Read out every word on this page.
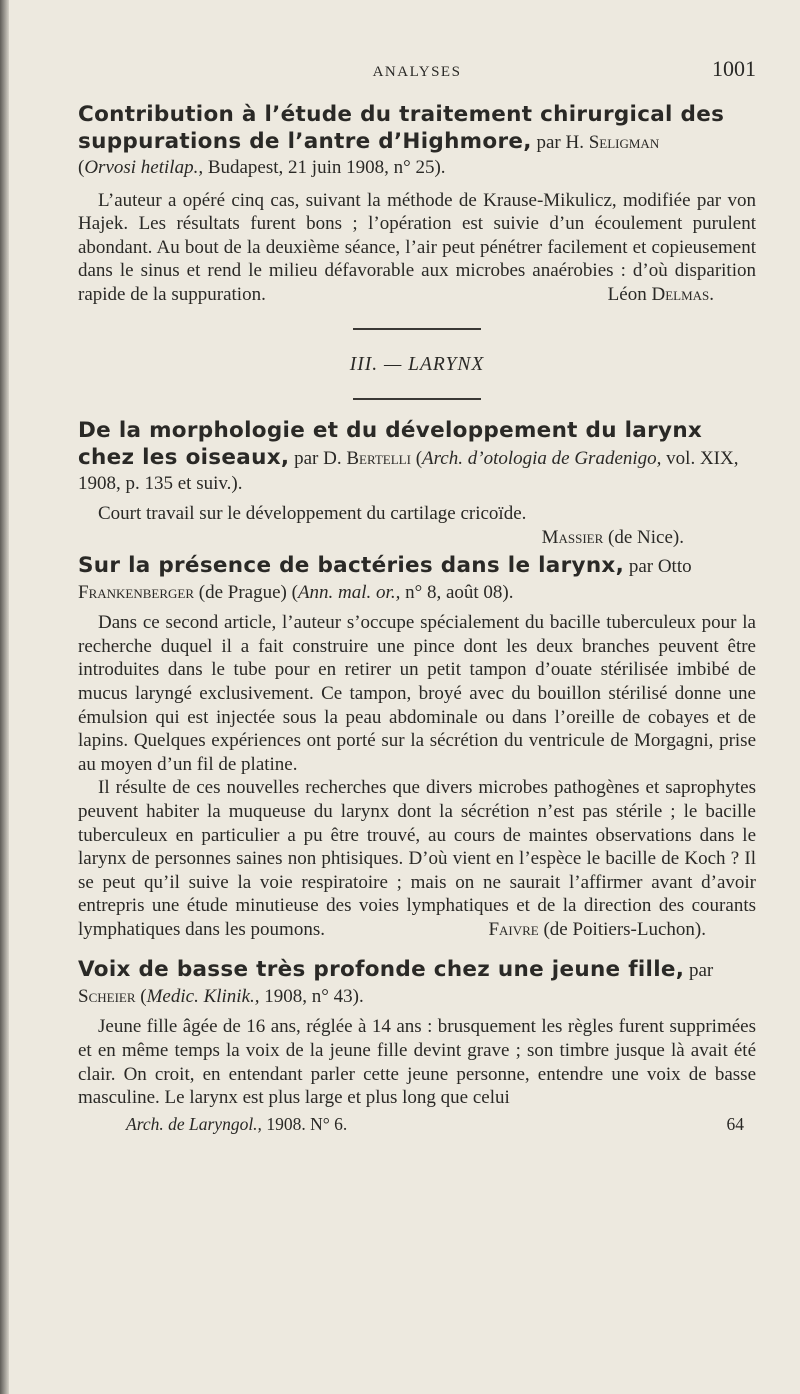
ANALYSES	1001
Contribution à l’étude du traitement chirurgical des suppurations de l’antre d’Highmore, par H. Seligman
(Orvosi hetilap., Budapest, 21 juin 1908, n° 25).

L’auteur a opéré cinq cas, suivant la méthode de Krause-Mikulicz, modifiée par von Hajek. Les résultats furent bons ; l’opération est suivie d’un écoulement purulent abondant. Au bout de la deuxième séance, l’air peut pénétrer facilement et copieusement dans le sinus et rend le milieu défavorable aux microbes anaérobies : d’où disparition rapide de la suppuration.	Léon Delmas.

III. — LARYNX
De la morphologie et du développement du larynx chez les oiseaux, par D. Bertelli (Arch. d’otologia de Gradenigo, vol. XIX, 1908, p. 135 et suiv.).

Court travail sur le développement du cartilage cricoïde.

Massier (de Nice).

Sur la présence de bactéries dans le larynx, par Otto Frankenberger (de Prague) (Ann. mal. or., n° 8, août 08).

Dans ce second article, l’auteur s’occupe spécialement du bacille tuberculeux pour la recherche duquel il a fait construire une pince dont les deux branches peuvent être introduites dans le tube pour en retirer un petit tampon d’ouate stérilisée imbibé de mucus laryngé exclusivement. Ce tampon, broyé avec du bouillon stérilisé donne une émulsion qui est injectée sous la peau abdominale ou dans l’oreille de cobayes et de lapins. Quelques expériences ont porté sur la sécrétion du ventricule de Morgagni, prise au moyen d’un fil de platine.

Il résulte de ces nouvelles recherches que divers microbes pathogènes et saprophytes peuvent habiter la muqueuse du larynx dont la sécrétion n’est pas stérile ; le bacille tuberculeux en particulier a pu être trouvé, au cours de maintes observations dans le larynx de personnes saines non phtisiques. D’où vient en l’espèce le bacille de Koch ? Il se peut qu’il suive la voie respiratoire ; mais on ne saurait l’affirmer avant d’avoir entrepris une étude minutieuse des voies lymphatiques et de la direction des courants lymphatiques dans les poumons.	Faivre (de Poitiers-Luchon).

Voix de basse très profonde chez une jeune fille, par Scheier (Medic. Klinik., 1908, n° 43).

Jeune fille âgée de 16 ans, réglée à 14 ans : brusquement les règles furent supprimées et en même temps la voix de la jeune fille devint grave ; son timbre jusque là avait été clair. On croit, en entendant parler cette jeune personne, entendre une voix de basse masculine. Le larynx est plus large et plus long que celui

Arch. de Laryngol., 1908. N° 6.	64
